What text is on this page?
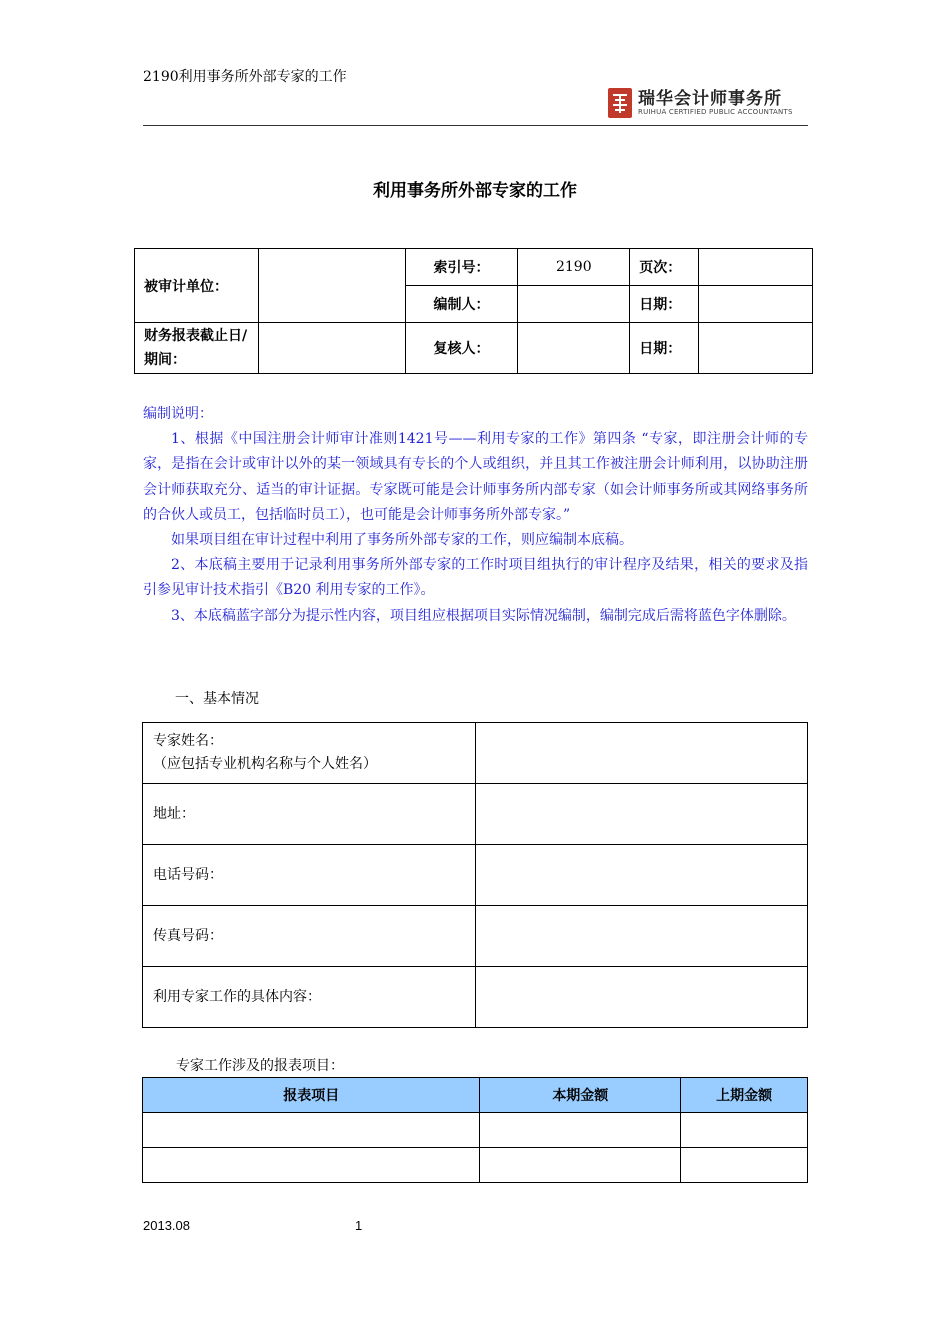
2190利用事务所外部专家的工作
瑞华会计师事务所
RUIHUA CERTIFIED PUBLIC ACCOUNTANTS
利用事务所外部专家的工作
被审计单位：		索引号：	2190	页次：	
		编制人：		日期：	
财务报表截止日/期间：		复核人：		日期：	

编制说明：

1、根据《中国注册会计师审计准则1421号——利用专家的工作》第四条 “专家，即注册会计师的专家，是指在会计或审计以外的某一领域具有专长的个人或组织，并且其工作被注册会计师利用，以协助注册会计师获取充分、适当的审计证据。专家既可能是会计师事务所内部专家（如会计师事务所或其网络事务所的合伙人或员工，包括临时员工），也可能是会计师事务所外部专家。”

如果项目组在审计过程中利用了事务所外部专家的工作，则应编制本底稿。

2、本底稿主要用于记录利用事务所外部专家的工作时项目组执行的审计程序及结果，相关的要求及指引参见审计技术指引《B20 利用专家的工作》。

3、本底稿蓝字部分为提示性内容，项目组应根据项目实际情况编制，编制完成后需将蓝色字体删除。

一、基本情况
专家姓名：
（应包括专业机构名称与个人姓名）	
地址：	
电话号码：	
传真号码：	
利用专家工作的具体内容：	
专家工作涉及的报表项目：
报表项目	本期金额	上期金额

2013.08	1
